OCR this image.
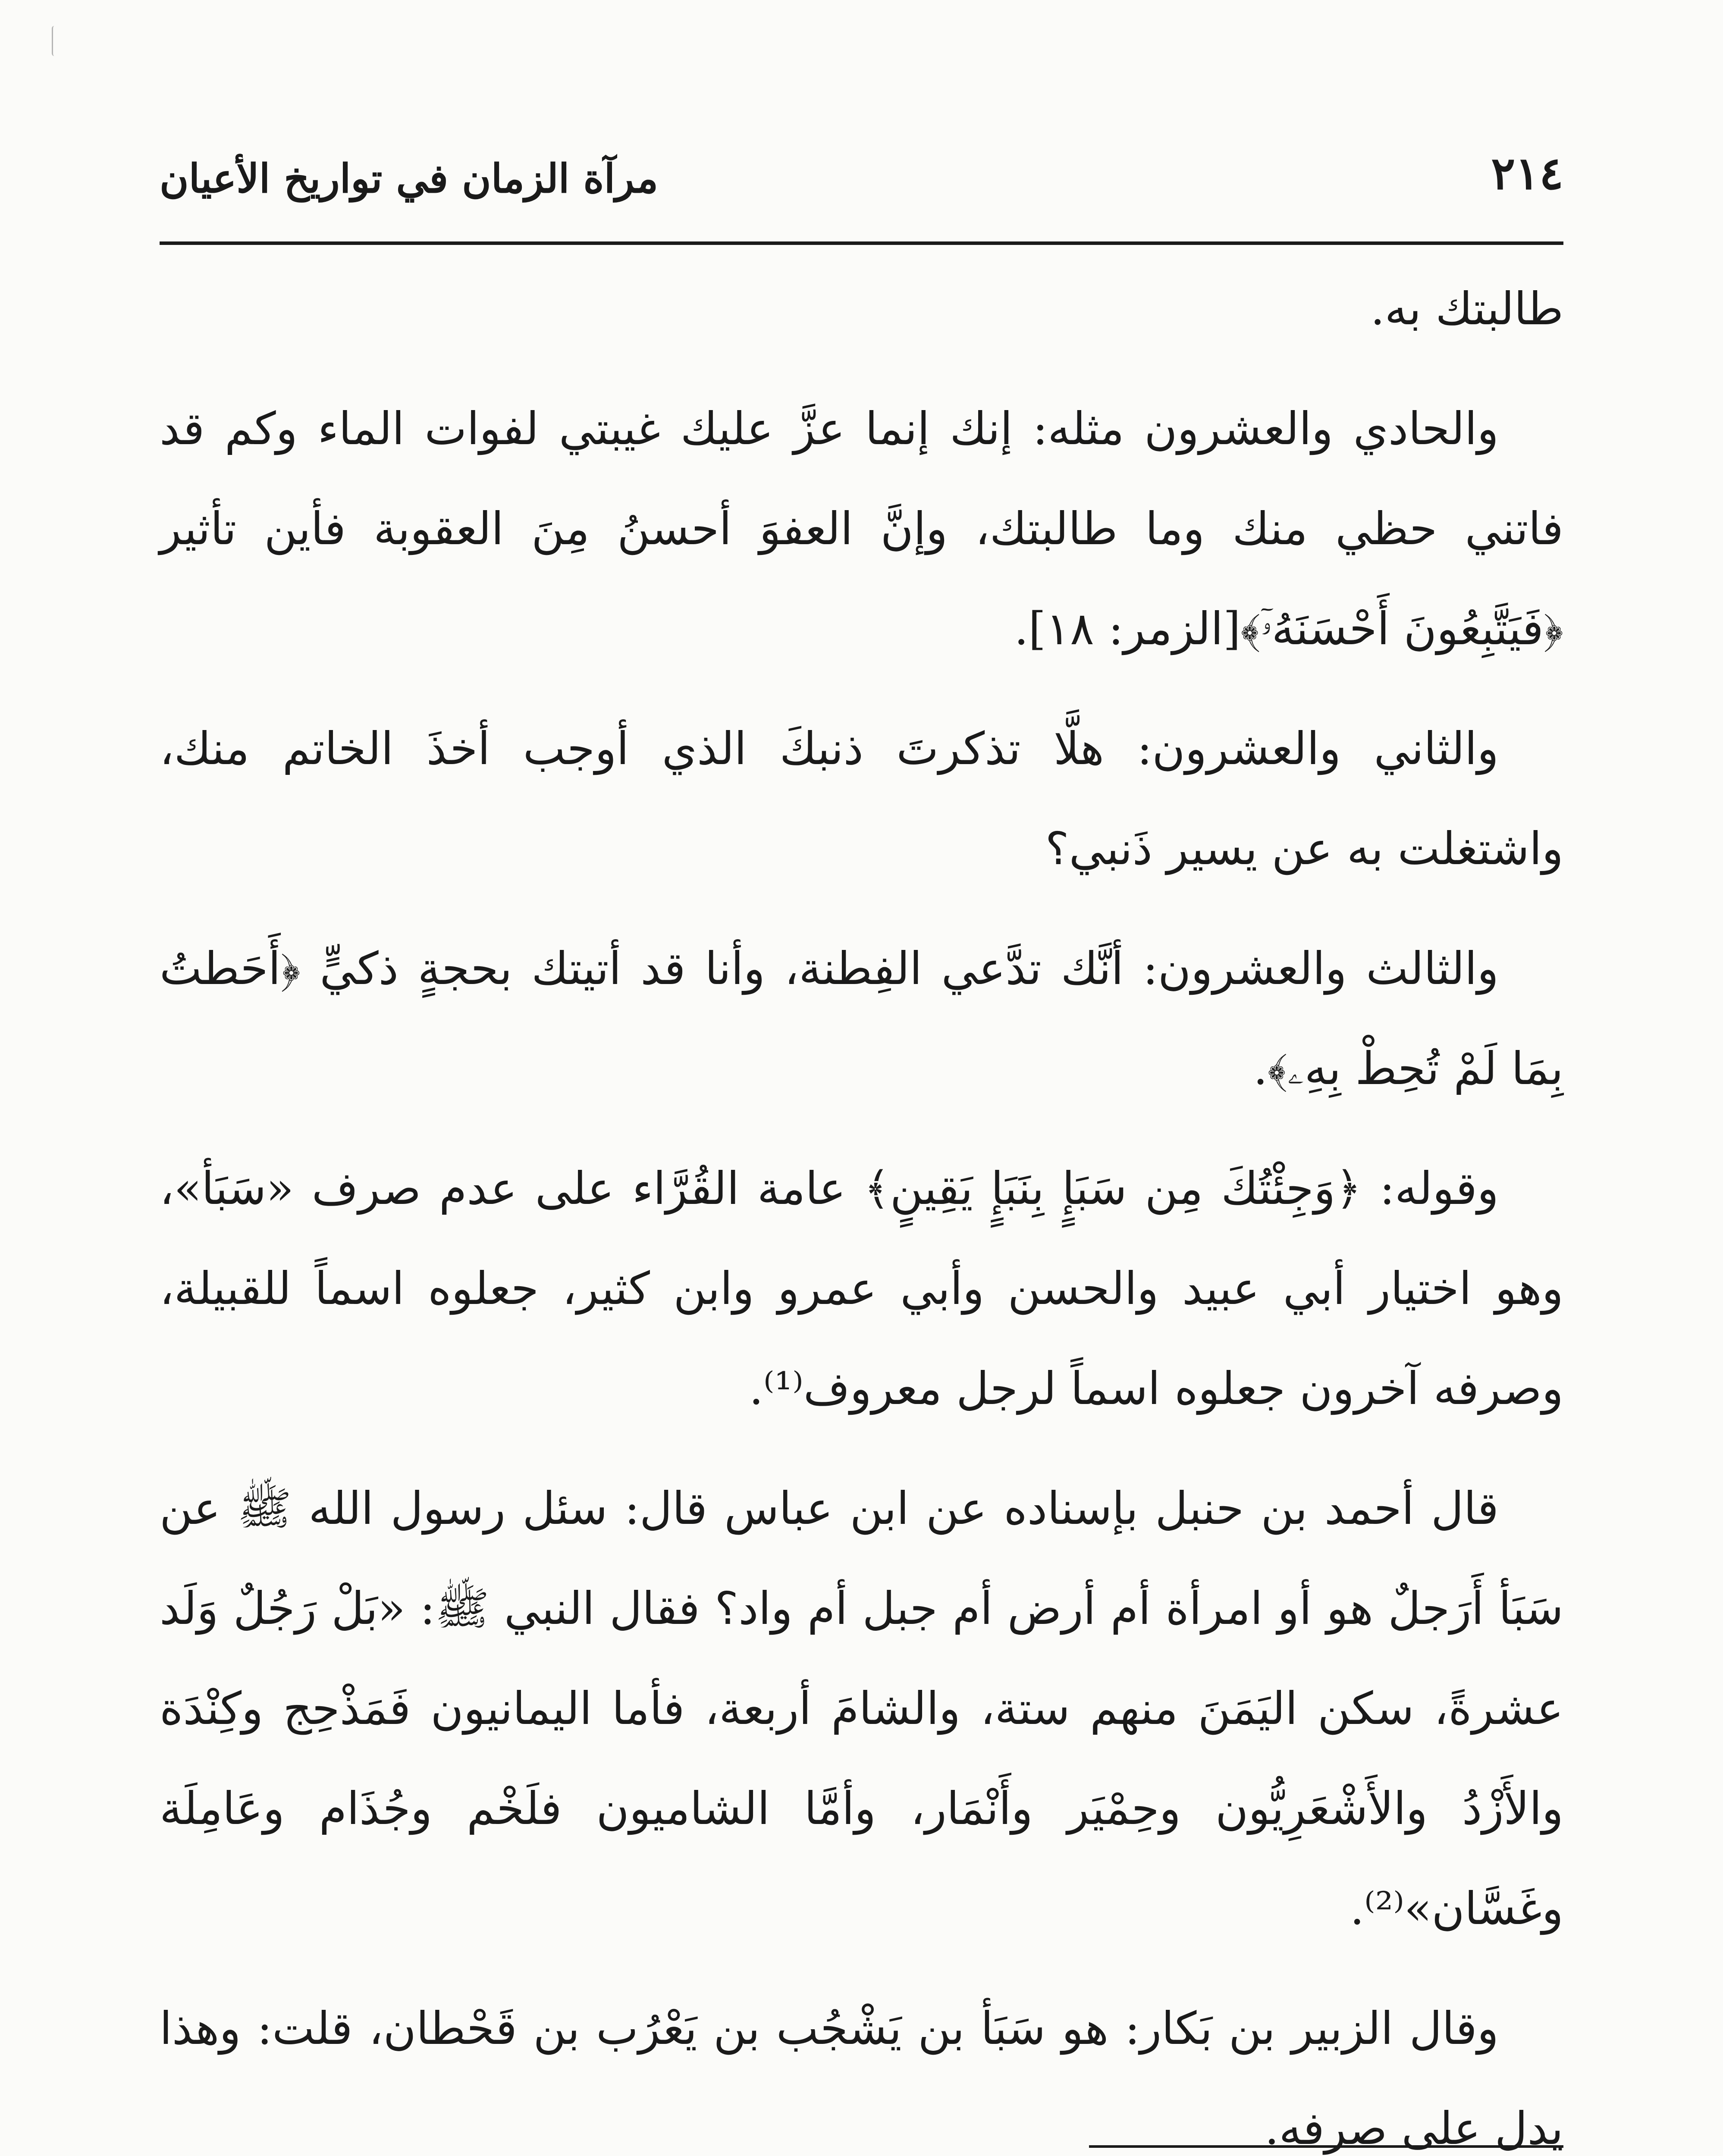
٢١٤
مرآة الزمان في تواريخ الأعيان

طالبتك به.

والحادي والعشرون مثله: إنك إنما عزَّ عليك غيبتي لفوات الماء وكم قد فاتني حظي منك وما طالبتك، وإنَّ العفوَ أحسنُ مِنَ العقوبة فأين تأثير ﴿فَيَتَّبِعُونَ أَحْسَنَهُۥٓ﴾[الزمر: ١٨].

والثاني والعشرون: هلَّا تذكرتَ ذنبكَ الذي أوجب أخذَ الخاتم منك، واشتغلت به عن يسير ذَنبي؟

والثالث والعشرون: أنَّك تدَّعي الفِطنة، وأنا قد أتيتك بحجةٍ ذكيٍّ ﴿أَحَطتُ بِمَا لَمْ تُحِطْ بِهِۦ﴾.

وقوله: ﴿وَجِئْتُكَ مِن سَبَإٍ بِنَبَإٍ يَقِينٍ﴾ عامة القُرَّاء على عدم صرف «سَبَأ»، وهو اختيار أبي عبيد والحسن وأبي عمرو وابن كثير، جعلوه اسماً للقبيلة، وصرفه آخرون جعلوه اسماً لرجل معروف⁽¹⁾.

قال أحمد بن حنبل بإسناده عن ابن عباس قال: سئل رسول الله ﷺ عن سَبَأ أَرَجلٌ هو أو امرأة أم أرض أم جبل أم واد؟ فقال النبي ﷺ: «بَلْ رَجُلٌ وَلَد عشرةً، سكن اليَمَنَ منهم ستة، والشامَ أربعة، فأما اليمانيون فَمَذْحِج وكِنْدَة والأَزْدُ والأَشْعَرِيُّون وحِمْيَر وأَنْمَار، وأمَّا الشاميون فلَخْم وجُذَام وعَامِلَة وغَسَّان»⁽²⁾.

وقال الزبير بن بَكار: هو سَبَأ بن يَشْجُب بن يَعْرُب بن قَحْطان، قلت: وهذا يدل على صرفه.
